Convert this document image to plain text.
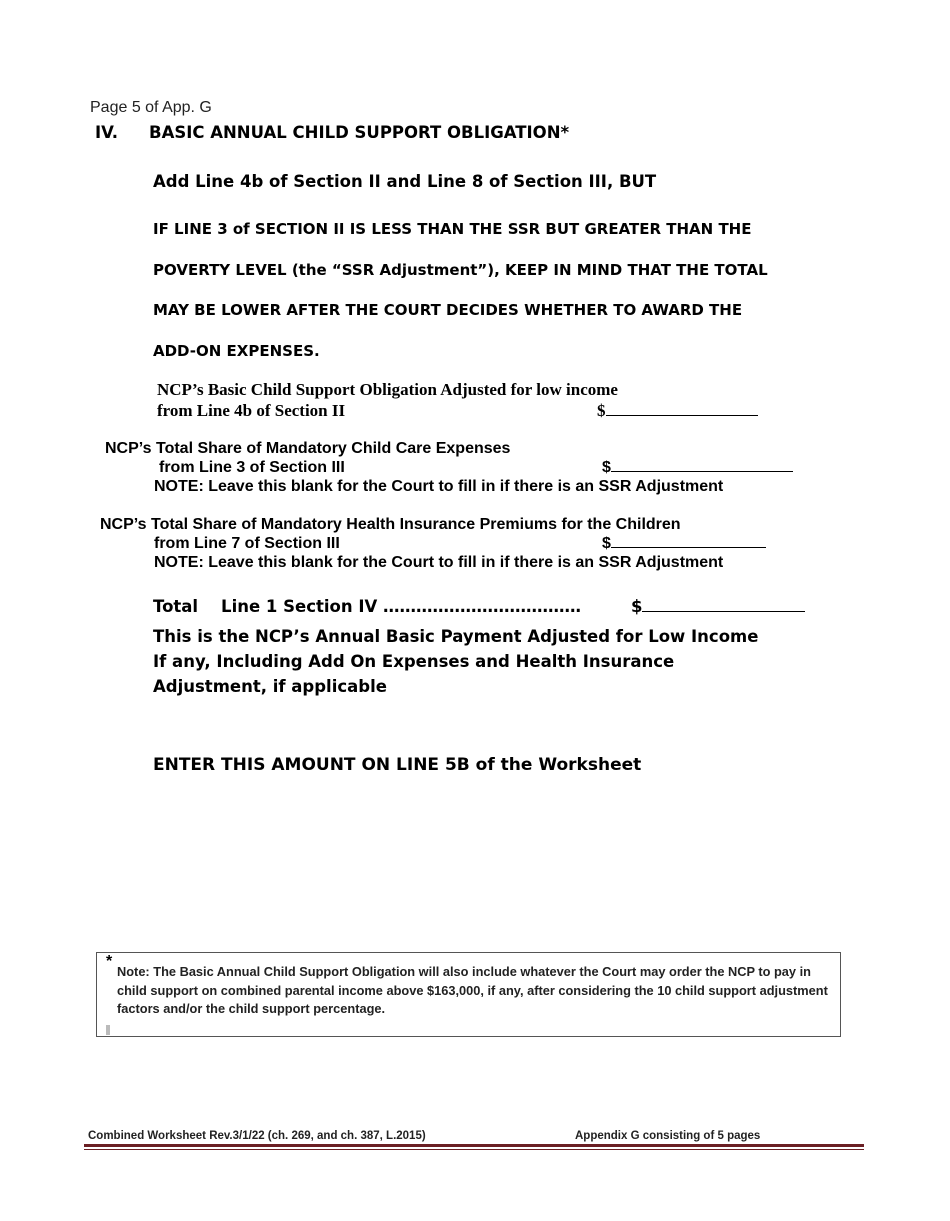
Page 5 of App. G
IV. BASIC ANNUAL CHILD SUPPORT OBLIGATION*
Add Line 4b of Section II and Line 8 of Section III, BUT
IF LINE 3 of SECTION II IS LESS THAN THE SSR BUT GREATER THAN THE
POVERTY LEVEL (the “SSR Adjustment”), KEEP IN MIND THAT THE TOTAL
MAY BE LOWER AFTER THE COURT DECIDES WHETHER TO AWARD THE
ADD-ON EXPENSES.
NCP’s Basic Child Support Obligation Adjusted for low income
from Line 4b of Section II	$
NCP’s Total Share of Mandatory Child Care Expenses
from Line 3 of Section III	$
NOTE: Leave this blank for the Court to fill in if there is an SSR Adjustment
NCP’s Total Share of Mandatory Health Insurance Premiums for the Children
from Line 7 of Section III	$
NOTE: Leave this blank for the Court to fill in if there is an SSR Adjustment
Total    Line 1 Section IV ………………………………	$
This is the NCP’s Annual Basic Payment Adjusted for Low Income
If any, Including Add On Expenses and Health Insurance
Adjustment, if applicable
ENTER THIS AMOUNT ON LINE 5B of the Worksheet
*
Note: The Basic Annual Child Support Obligation will also include whatever the Court may order the NCP to pay in child support on combined parental income above $163,000, if any, after considering the 10 child support adjustment factors and/or the child support percentage.
Combined Worksheet Rev.3/1/22 (ch. 269, and ch. 387, L.2015)	Appendix G consisting of 5 pages
